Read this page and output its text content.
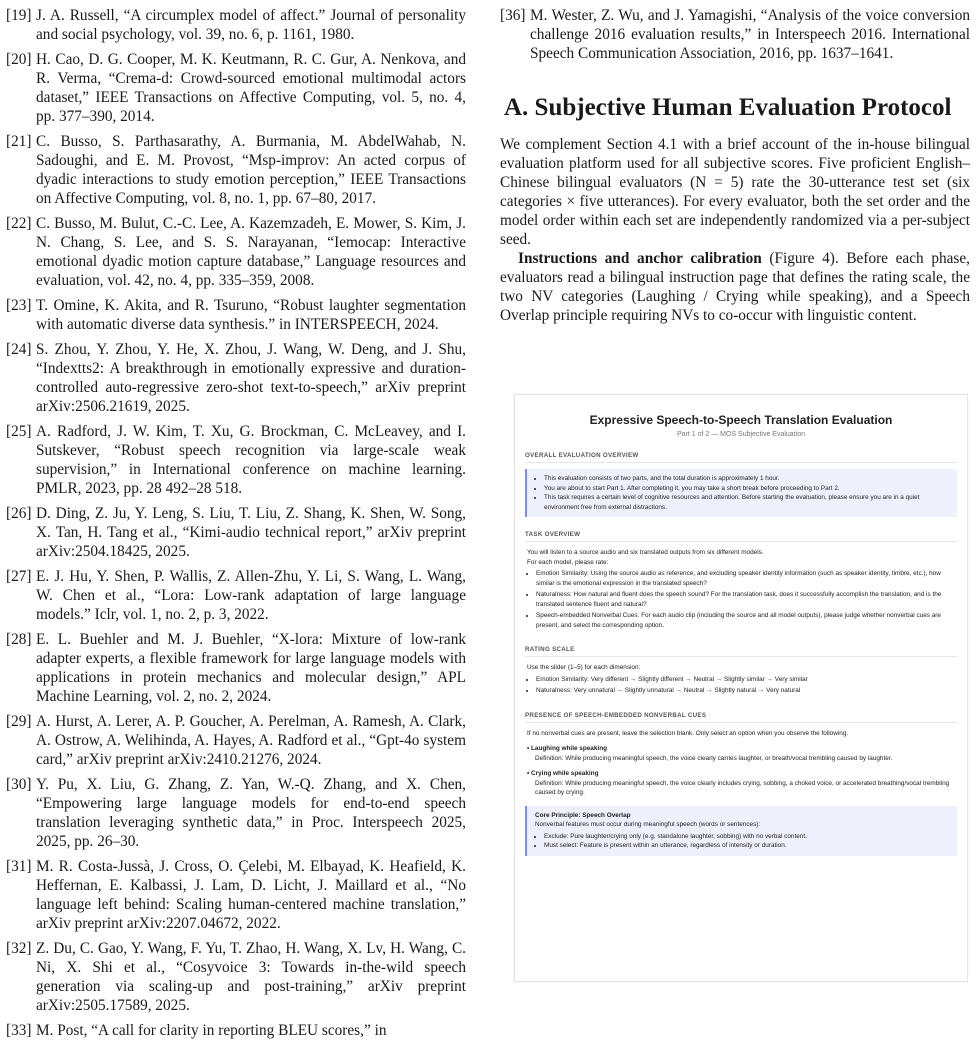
[19] J. A. Russell, “A circumplex model of affect.” Journal of personality and social psychology, vol. 39, no. 6, p. 1161, 1980.
[20] H. Cao, D. G. Cooper, M. K. Keutmann, R. C. Gur, A. Nenkova, and R. Verma, “Crema-d: Crowd-sourced emotional multimodal actors dataset,” IEEE Transactions on Affective Computing, vol. 5, no. 4, pp. 377–390, 2014.
[21] C. Busso, S. Parthasarathy, A. Burmania, M. AbdelWahab, N. Sadoughi, and E. M. Provost, “Msp-improv: An acted corpus of dyadic interactions to study emotion perception,” IEEE Transactions on Affective Computing, vol. 8, no. 1, pp. 67–80, 2017.
[22] C. Busso, M. Bulut, C.-C. Lee, A. Kazemzadeh, E. Mower, S. Kim, J. N. Chang, S. Lee, and S. S. Narayanan, “Iemocap: Interactive emotional dyadic motion capture database,” Language resources and evaluation, vol. 42, no. 4, pp. 335–359, 2008.
[23] T. Omine, K. Akita, and R. Tsuruno, “Robust laughter segmentation with automatic diverse data synthesis.” in INTERSPEECH, 2024.
[24] S. Zhou, Y. Zhou, Y. He, X. Zhou, J. Wang, W. Deng, and J. Shu, “Indextts2: A breakthrough in emotionally expressive and duration-controlled auto-regressive zero-shot text-to-speech,” arXiv preprint arXiv:2506.21619, 2025.
[25] A. Radford, J. W. Kim, T. Xu, G. Brockman, C. McLeavey, and I. Sutskever, “Robust speech recognition via large-scale weak supervision,” in International conference on machine learning. PMLR, 2023, pp. 28 492–28 518.
[26] D. Ding, Z. Ju, Y. Leng, S. Liu, T. Liu, Z. Shang, K. Shen, W. Song, X. Tan, H. Tang et al., “Kimi-audio technical report,” arXiv preprint arXiv:2504.18425, 2025.
[27] E. J. Hu, Y. Shen, P. Wallis, Z. Allen-Zhu, Y. Li, S. Wang, L. Wang, W. Chen et al., “Lora: Low-rank adaptation of large language models.” Iclr, vol. 1, no. 2, p. 3, 2022.
[28] E. L. Buehler and M. J. Buehler, “X-lora: Mixture of low-rank adapter experts, a flexible framework for large language models with applications in protein mechanics and molecular design,” APL Machine Learning, vol. 2, no. 2, 2024.
[29] A. Hurst, A. Lerer, A. P. Goucher, A. Perelman, A. Ramesh, A. Clark, A. Ostrow, A. Welihinda, A. Hayes, A. Radford et al., “Gpt-4o system card,” arXiv preprint arXiv:2410.21276, 2024.
[30] Y. Pu, X. Liu, G. Zhang, Z. Yan, W.-Q. Zhang, and X. Chen, “Empowering large language models for end-to-end speech translation leveraging synthetic data,” in Proc. Interspeech 2025, 2025, pp. 26–30.
[31] M. R. Costa-Jussà, J. Cross, O. Çelebi, M. Elbayad, K. Heafield, K. Heffernan, E. Kalbassi, J. Lam, D. Licht, J. Maillard et al., “No language left behind: Scaling human-centered machine translation,” arXiv preprint arXiv:2207.04672, 2022.
[32] Z. Du, C. Gao, Y. Wang, F. Yu, T. Zhao, H. Wang, X. Lv, H. Wang, C. Ni, X. Shi et al., “Cosyvoice 3: Towards in-the-wild speech generation via scaling-up and post-training,” arXiv preprint arXiv:2505.17589, 2025.
[33] M. Post, “A call for clarity in reporting BLEU scores,” in
[36] M. Wester, Z. Wu, and J. Yamagishi, “Analysis of the voice conversion challenge 2016 evaluation results,” in Interspeech 2016. International Speech Communication Association, 2016, pp. 1637–1641.
A. Subjective Human Evaluation Protocol

We complement Section 4.1 with a brief account of the in-house bilingual evaluation platform used for all subjective scores. Five proficient English–Chinese bilingual evaluators (N = 5) rate the 30-utterance test set (six categories × five utterances). For every evaluator, both the set order and the model order within each set are independently randomized via a per-subject seed.

Instructions and anchor calibration (Figure 4). Before each phase, evaluators read a bilingual instruction page that defines the rating scale, the two NV categories (Laughing / Crying while speaking), and a Speech Overlap principle requiring NVs to co-occur with linguistic content.

Expressive Speech-to-Speech Translation Evaluation
Part 1 of 2 — MOS Subjective Evaluation
OVERALL EVALUATION OVERVIEW
• This evaluation consists of two parts, and the total duration is approximately 1 hour.
• You are about to start Part 1. After completing it, you may take a short break before proceeding to Part 2.
• This task requires a certain level of cognitive resources and attention. Before starting the evaluation, please ensure you are in a quiet environment free from external distractions.
TASK OVERVIEW
You will listen to a source audio and six translated outputs from six different models.
For each model, please rate:
• Emotion Similarity: Using the source audio as reference, and excluding speaker identity information (such as speaker identity, timbre, etc.), how similar is the emotional expression in the translated speech?
• Naturalness: How natural and fluent does the speech sound? For the translation task, does it successfully accomplish the translation, and is the translated sentence fluent and natural?
• Speech-embedded Nonverbal Cues: For each audio clip (including the source and all model outputs), please judge whether nonverbal cues are present, and select the corresponding option.
RATING SCALE
Use the slider (1–5) for each dimension:
• Emotion Similarity: Very different → Slightly different → Neutral → Slightly similar → Very similar
• Naturalness: Very unnatural → Slightly unnatural → Neutral → Slightly natural → Very natural
PRESENCE OF SPEECH-EMBEDDED NONVERBAL CUES
If no nonverbal cues are present, leave the selection blank. Only select an option when you observe the following.
• Laughing while speaking
Definition: While producing meaningful speech, the voice clearly carries laughter, or breath/vocal trembling caused by laughter.
• Crying while speaking
Definition: While producing meaningful speech, the voice clearly includes crying, sobbing, a choked voice, or accelerated breathing/vocal trembling caused by crying.
Core Principle: Speech Overlap
Nonverbal features must occur during meaningful speech (words or sentences):
• Exclude: Pure laughter/crying only (e.g. standalone laughter, sobbing) with no verbal content.
• Must select: Feature is present within an utterance, regardless of intensity or duration.
